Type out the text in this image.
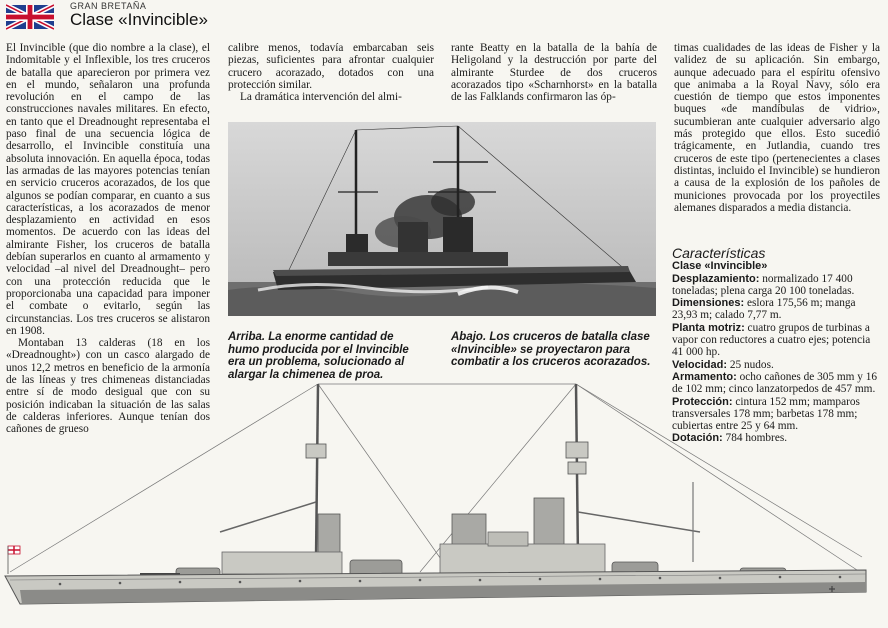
GRAN BRETAÑA
Clase «Invincible»

El Invincible (que dio nombre a la clase), el Indomitable y el Inflexible, los tres cruceros de batalla que aparecieron por primera vez en el mundo, señalaron una profunda revolución en el campo de las construcciones navales militares. En efecto, en tanto que el Dreadnought representaba el paso final de una secuencia lógica de desarrollo, el Invincible constituía una absoluta innovación. En aquella época, todas las armadas de las mayores potencias tenían en servicio cruceros acorazados, de los que algunos se podían comparar, en cuanto a sus características, a los acorazados de menor desplazamiento en actividad en esos momentos. De acuerdo con las ideas del almirante Fisher, los cruceros de batalla debían superarlos en cuanto al armamento y velocidad –al nivel del Dreadnought– pero con una protección reducida que le proporcionaba una capacidad para imponer el combate o evitarlo, según las circunstancias. Los tres cruceros se alistaron en 1908.

Montaban 13 calderas (18 en los «Dreadnought») con un casco alargado de unos 12,2 metros en beneficio de la armonía de las líneas y tres chimeneas distanciadas entre sí de modo desigual que con su posición indicaban la situación de las salas de calderas inferiores. Aunque tenían dos cañones de grueso

calibre menos, todavía embarcaban seis piezas, suficientes para afrontar cualquier crucero acorazado, dotados con una protección similar.

La dramática intervención del almi-

rante Beatty en la batalla de la bahía de Heligoland y la destrucción por parte del almirante Sturdee de dos cruceros acorazados tipo «Scharnhorst» en la batalla de las Falklands confirmaron las óp-

timas cualidades de las ideas de Fisher y la validez de su aplicación. Sin embargo, aunque adecuado para el espíritu ofensivo que animaba a la Royal Navy, sólo era cuestión de tiempo que estos imponentes buques «de mandíbulas de vidrio», sucumbieran ante cualquier adversario algo más protegido que ellos. Esto sucedió trágicamente, en Jutlandia, cuando tres cruceros de este tipo (pertenecientes a clases distintas, incluido el Invincible) se hundieron a causa de la explosión de los pañoles de municiones provocada por los proyectiles alemanes disparados a media distancia.

Arriba. La enorme cantidad de humo producida por el Invincible era un problema, solucionado al alargar la chimenea de proa.
Abajo. Los cruceros de batalla clase «Invincible» se proyectaron para combatir a los cruceros acorazados.
Características
Clase «Invincible»
Desplazamiento: normalizado 17 400 toneladas; plena carga 20 100 toneladas.
Dimensiones: eslora 175,56 m; manga 23,93 m; calado 7,77 m.
Planta motriz: cuatro grupos de turbinas a vapor con reductores a cuatro ejes; potencia 41 000 hp.
Velocidad: 25 nudos.
Armamento: ocho cañones de 305 mm y 16 de 102 mm; cinco lanzatorpedos de 457 mm.
Protección: cintura 152 mm; mamparos transversales 178 mm; barbetas 178 mm; cubiertas entre 25 y 64 mm.
Dotación: 784 hombres.
